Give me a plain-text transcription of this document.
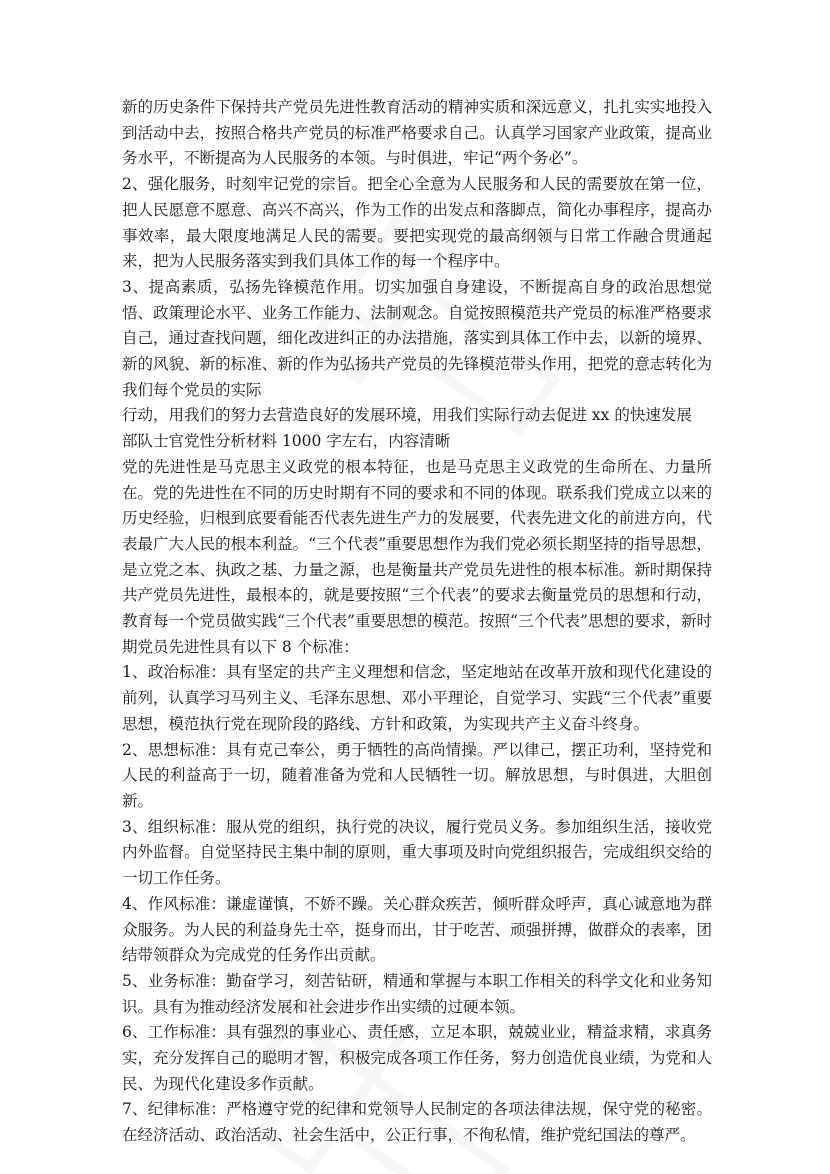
新的历史条件下保持共产党员先进性教育活动的精神实质和深远意义，扎扎实实地投入到活动中去，按照合格共产党员的标准严格要求自己。认真学习国家产业政策，提高业务水平，不断提高为人民服务的本领。与时俱进，牢记“两个务必”。

2、强化服务，时刻牢记党的宗旨。把全心全意为人民服务和人民的需要放在第一位，把人民愿意不愿意、高兴不高兴，作为工作的出发点和落脚点，简化办事程序，提高办事效率，最大限度地满足人民的需要。要把实现党的最高纲领与日常工作融合贯通起来，把为人民服务落实到我们具体工作的每一个程序中。

3、提高素质，弘扬先锋模范作用。切实加强自身建设，不断提高自身的政治思想觉悟、政策理论水平、业务工作能力、法制观念。自觉按照模范共产党员的标准严格要求自己，通过查找问题，细化改进纠正的办法措施，落实到具体工作中去，以新的境界、新的风貌、新的标准、新的作为弘扬共产党员的先锋模范带头作用，把党的意志转化为我们每个党员的实际

行动，用我们的努力去营造良好的发展环境，用我们实际行动去促进 xx 的快速发展

部队士官党性分析材料 1000 字左右，内容清晰

党的先进性是马克思主义政党的根本特征，也是马克思主义政党的生命所在、力量所在。党的先进性在不同的历史时期有不同的要求和不同的体现。联系我们党成立以来的历史经验，归根到底要看能否代表先进生产力的发展要，代表先进文化的前进方向，代表最广大人民的根本利益。“三个代表”重要思想作为我们党必须长期坚持的指导思想，是立党之本、执政之基、力量之源，也是衡量共产党员先进性的根本标准。新时期保持共产党员先进性，最根本的，就是要按照“三个代表”的要求去衡量党员的思想和行动，教育每一个党员做实践“三个代表”重要思想的模范。按照“三个代表”思想的要求，新时期党员先进性具有以下 8 个标准：

1、政治标准：具有坚定的共产主义理想和信念，坚定地站在改革开放和现代化建设的前列，认真学习马列主义、毛泽东思想、邓小平理论，自觉学习、实践“三个代表”重要思想，模范执行党在现阶段的路线、方针和政策，为实现共产主义奋斗终身。

2、思想标准：具有克己奉公，勇于牺牲的高尚情操。严以律己，摆正功利，坚持党和人民的利益高于一切，随着准备为党和人民牺牲一切。解放思想，与时俱进，大胆创新。

3、组织标准：服从党的组织，执行党的决议，履行党员义务。参加组织生活，接收党内外监督。自觉坚持民主集中制的原则，重大事项及时向党组织报告，完成组织交给的一切工作任务。

4、作风标准：谦虚谨慎，不娇不躁。关心群众疾苦，倾听群众呼声，真心诚意地为群众服务。为人民的利益身先士卒，挺身而出，甘于吃苦、顽强拼搏，做群众的表率，团结带领群众为完成党的任务作出贡献。

5、业务标准：勤奋学习，刻苦钻研，精通和掌握与本职工作相关的科学文化和业务知识。具有为推动经济发展和社会进步作出实绩的过硬本领。

6、工作标准：具有强烈的事业心、责任感，立足本职，兢兢业业，精益求精，求真务实，充分发挥自己的聪明才智，积极完成各项工作任务，努力创造优良业绩，为党和人民、为现代化建设多作贡献。

7、纪律标准：严格遵守党的纪律和党领导人民制定的各项法律法规，保守党的秘密。在经济活动、政治活动、社会生活中，公正行事，不徇私情，维护党纪国法的尊严。
